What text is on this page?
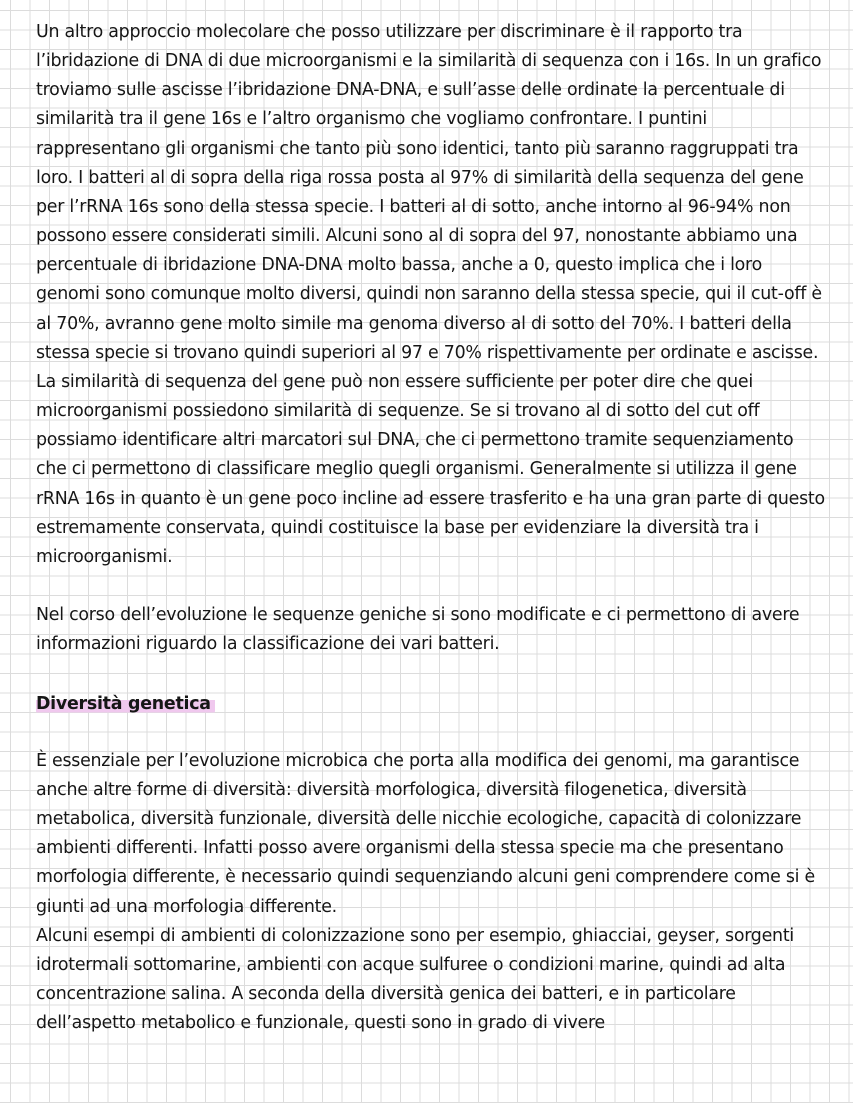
Un altro approccio molecolare che posso utilizzare per discriminare è il rapporto tra l’ibridazione di DNA di due microorganismi e la similarità di sequenza con i 16s. In un grafico troviamo sulle ascisse l’ibridazione DNA-DNA, e sull’asse delle ordinate la percentuale di similarità tra il gene 16s e l’altro organismo che vogliamo confrontare. I puntini rappresentano gli organismi che tanto più sono identici, tanto più saranno raggruppati tra loro. I batteri al di sopra della riga rossa posta al 97% di similarità della sequenza del gene per l’rRNA 16s sono della stessa specie. I batteri al di sotto, anche intorno al 96-94% non possono essere considerati simili. Alcuni sono al di sopra del 97, nonostante abbiamo una percentuale di ibridazione DNA-DNA molto bassa, anche a 0, questo implica che i loro genomi sono comunque molto diversi, quindi non saranno della stessa specie, qui il cut-off è al 70%, avranno gene molto simile ma genoma diverso al di sotto del 70%. I batteri della stessa specie si trovano quindi superiori al 97 e 70% rispettivamente per ordinate e ascisse. La similarità di sequenza del gene può non essere sufficiente per poter dire che quei microorganismi possiedono similarità di sequenze. Se si trovano al di sotto del cut off possiamo identificare altri marcatori sul DNA, che ci permettono tramite sequenziamento che ci permettono di classificare meglio quegli organismi. Generalmente si utilizza il gene rRNA 16s in quanto è un gene poco incline ad essere trasferito e ha una gran parte di questo estremamente conservata, quindi costituisce la base per evidenziare la diversità tra i microorganismi.

Nel corso dell’evoluzione le sequenze geniche si sono modificate e ci permettono di avere informazioni riguardo la classificazione dei vari batteri.

Diversità genetica

È essenziale per l’evoluzione microbica che porta alla modifica dei genomi, ma garantisce anche altre forme di diversità: diversità morfologica, diversità filogenetica, diversità metabolica, diversità funzionale, diversità delle nicchie ecologiche, capacità di colonizzare ambienti differenti. Infatti posso avere organismi della stessa specie ma che presentano morfologia differente, è necessario quindi sequenziando alcuni geni comprendere come si è giunti ad una morfologia differente.

Alcuni esempi di ambienti di colonizzazione sono per esempio, ghiacciai, geyser, sorgenti idrotermali sottomarine, ambienti con acque sulfuree o condizioni marine, quindi ad alta concentrazione salina. A seconda della diversità genica dei batteri, e in particolare dell’aspetto metabolico e funzionale, questi sono in grado di vivere
